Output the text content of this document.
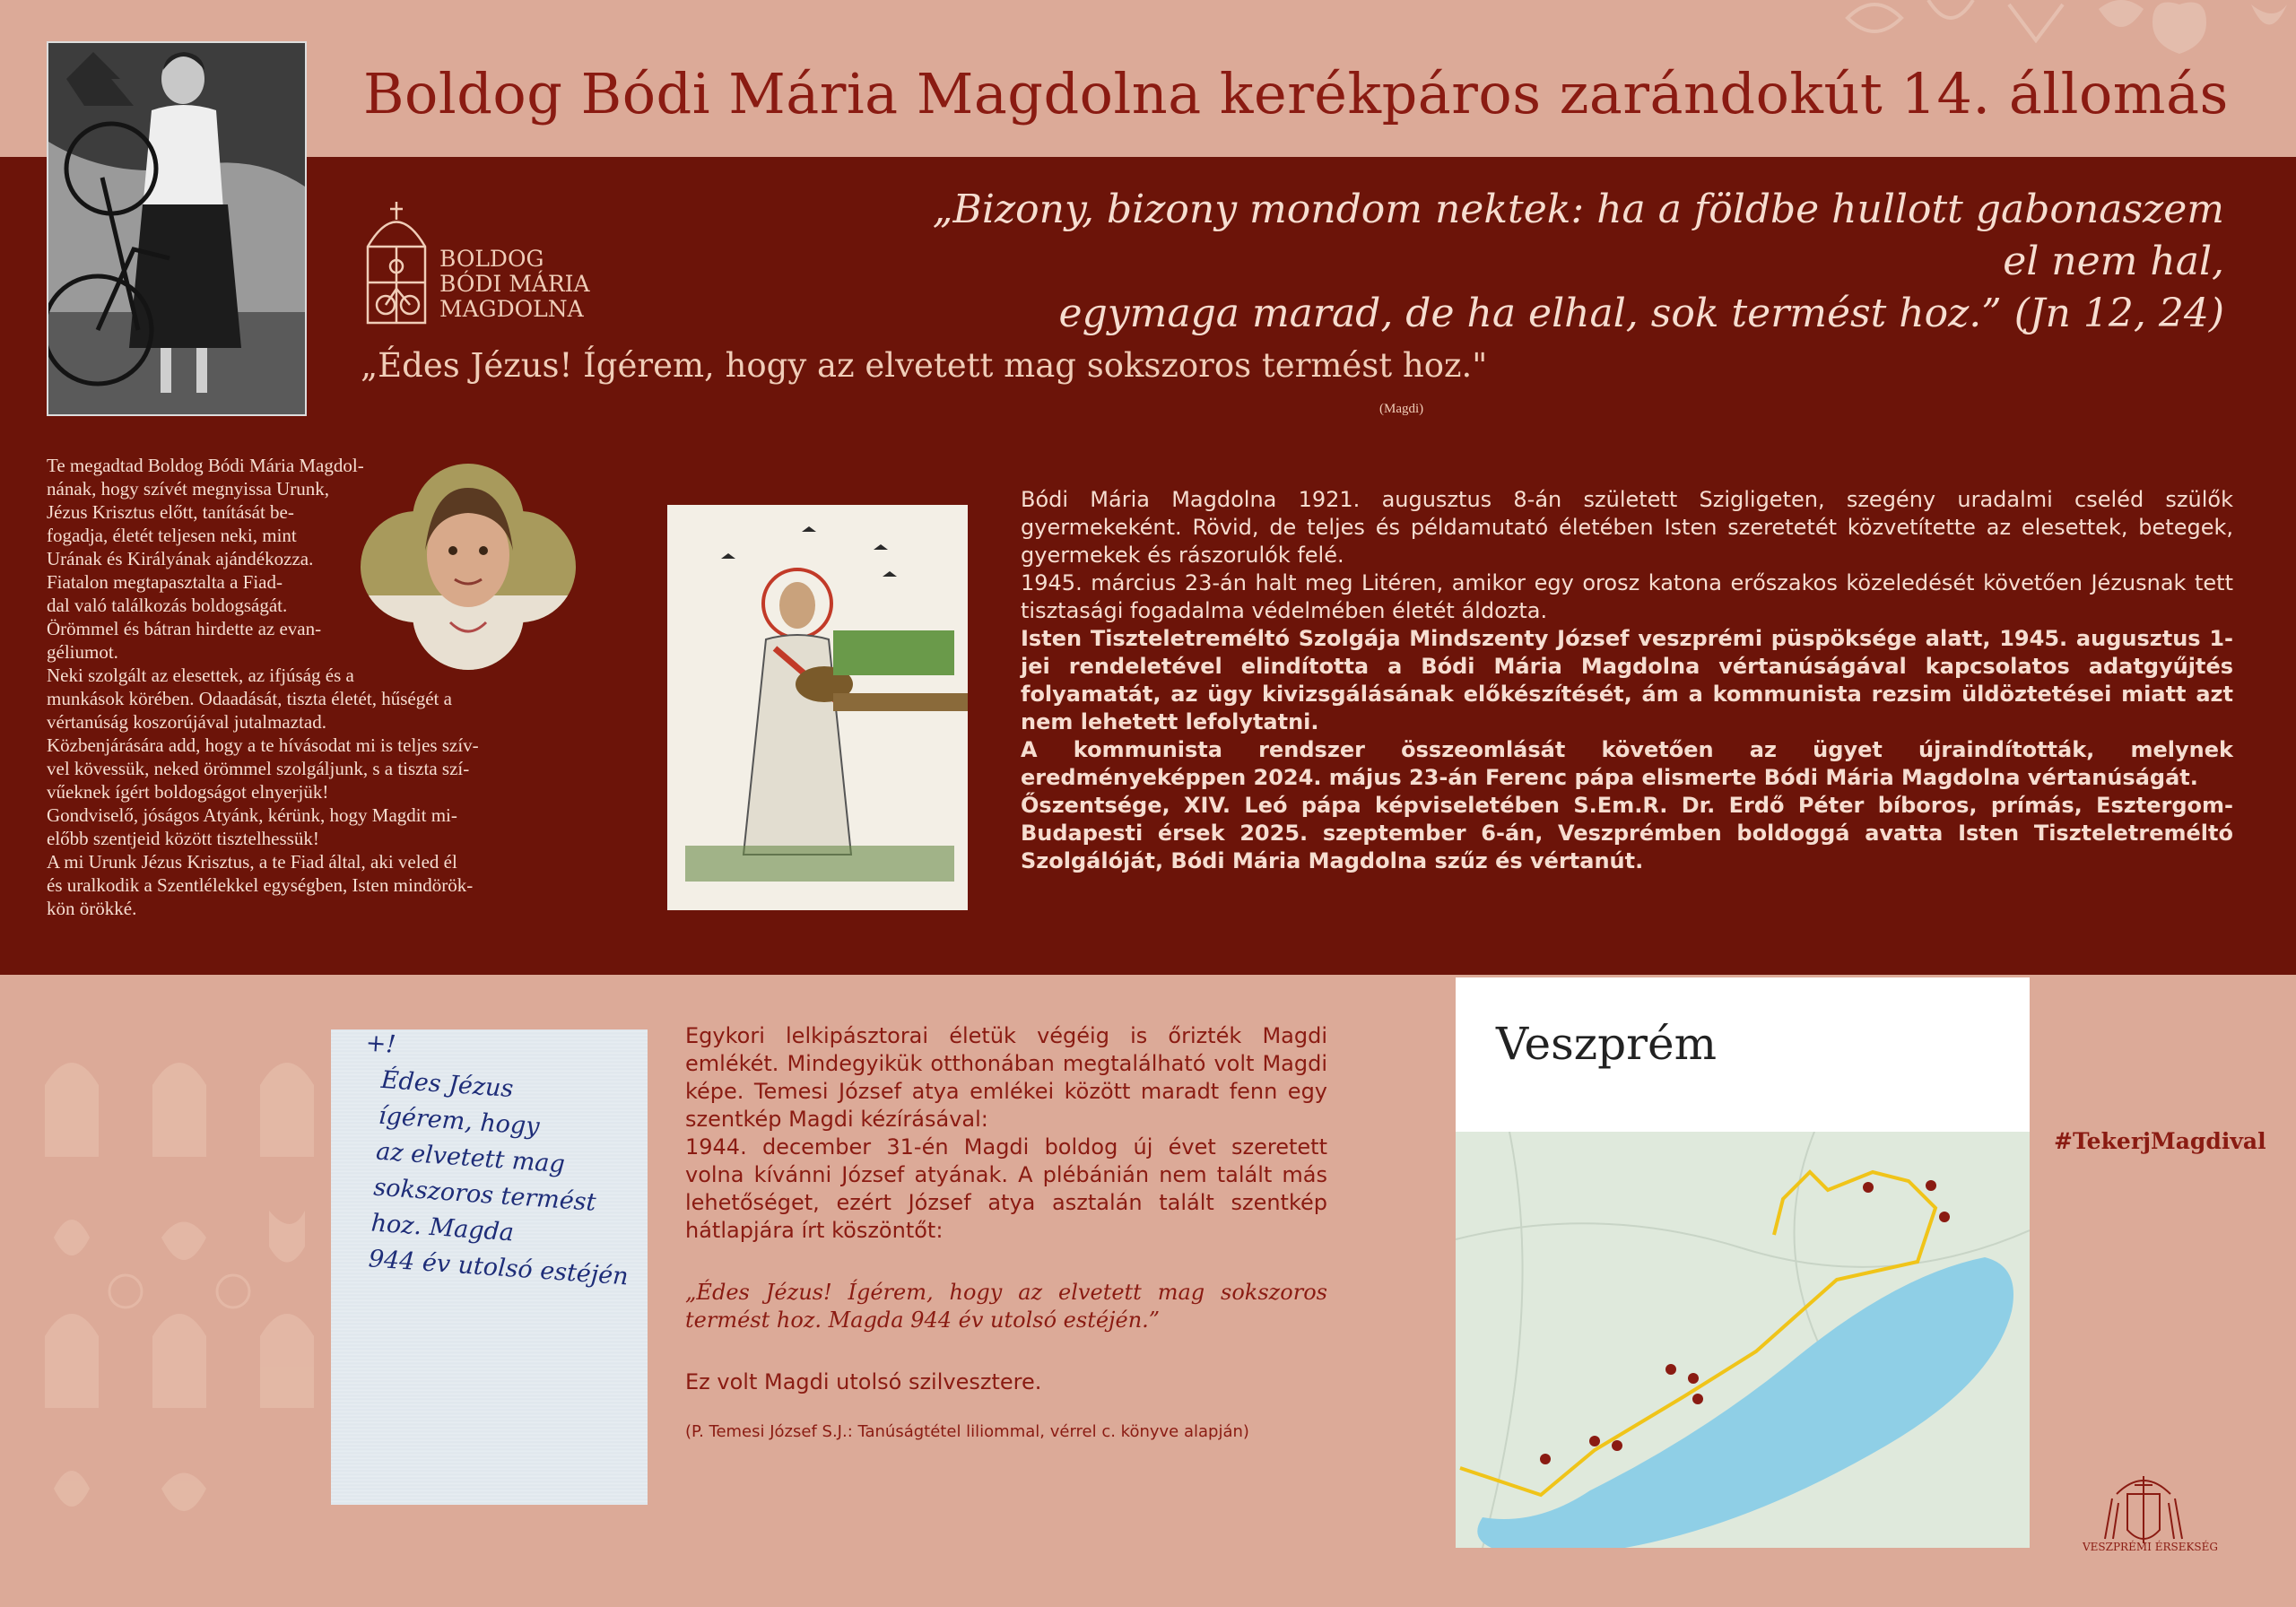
Boldog Bódi Mária Magdolna kerékpáros zarándokút 14. állomás
BOLDOG
BÓDI MÁRIA
MAGDOLNA
„Bizony, bizony mondom nektek: ha a földbe hullott gabonaszem el nem hal,
egymaga marad, de ha elhal, sok termést hoz.” (Jn 12, 24)
„Édes Jézus! Ígérem, hogy az elvetett mag sokszoros termést hoz."
(Magdi)
Te megadtad Boldog Bódi Mária Magdol-
nának, hogy szívét megnyissa Urunk,
Jézus Krisztus előtt, tanítását be-
fogadja, életét teljesen neki, mint
Urának és Királyának ajándékozza.
Fiatalon megtapasztalta a Fiad-
dal való találkozás boldogságát.
Örömmel és bátran hirdette az evan-
géliumot.
Neki szolgált az elesettek, az ifjúság és a
munkások körében. Odaadását, tiszta életét, hűségét a
vértanúság koszorújával jutalmaztad.
Közbenjárására add, hogy a te hívásodat mi is teljes szív-
vel kövessük, neked örömmel szolgáljunk, s a tiszta szí-
vűeknek ígért boldogságot elnyerjük!
Gondviselő, jóságos Atyánk, kérünk, hogy Magdit mi-
előbb szentjeid között tisztelhessük!
A mi Urunk Jézus Krisztus, a te Fiad által, aki veled él
és uralkodik a Szentlélekkel egységben, Isten mindörök-
kön örökké.

Bódi Mária Magdolna 1921. augusztus 8-án született Szigligeten, szegény uradalmi cseléd szülők gyermekeként. Rövid, de teljes és példamutató életében Isten szeretetét közvetítette az elesettek, betegek, gyermekek és rászorulók felé.

1945. március 23-án halt meg Litéren, amikor egy orosz katona erőszakos közeledését követően Jézusnak tett tisztasági fogadalma védelmében életét áldozta.

Isten Tiszteletreméltó Szolgája Mindszenty József veszprémi püspöksége alatt, 1945. augusztus 1-jei rendeletével elindította a Bódi Mária Magdolna vértanúságával kapcsolatos adatgyűjtés folyamatát, az ügy kivizsgálásának előkészítését, ám a kommunista rezsim üldöztetései miatt azt nem lehetett lefolytatni.

A kommunista rendszer összeomlását követően az ügyet újraindították, melynek eredményeképpen 2024. május 23-án Ferenc pápa elismerte Bódi Mária Magdolna vértanúságát.

Őszentsége, XIV. Leó pápa képviseletében S.Em.R. Dr. Erdő Péter bíboros, prímás, Esztergom-Budapesti érsek 2025. szeptember 6-án, Veszprémben boldoggá avatta Isten Tiszteletreméltó Szolgálóját, Bódi Mária Magdolna szűz és vértanút.

+!
Édes Jézus
ígérem, hogy
az elvetett mag
sokszoros termést
hoz. Magda
944 év utolsó estéjén

Egykori lelkipásztorai életük végéig is őrizték Magdi emlékét. Mindegyikük otthonában megtalálható volt Magdi képe. Temesi József atya emlékei között maradt fenn egy szentkép Magdi kézírásával:

1944. december 31-én Magdi boldog új évet szeretett volna kívánni József atyának. A plébánián nem talált más lehetőséget, ezért József atya asztalán talált szentkép hátlapjára írt köszöntőt:

„Édes Jézus! Ígérem, hogy az elvetett mag sokszoros termést hoz. Magda 944 év utolsó estéjén.”

Ez volt Magdi utolsó szilvesztere.

(P. Temesi József S.J.: Tanúságtétel liliommal, vérrel c. könyve alapján)

Veszprém
#TekerjMagdival
VESZPRÉMI ÉRSEKSÉG
